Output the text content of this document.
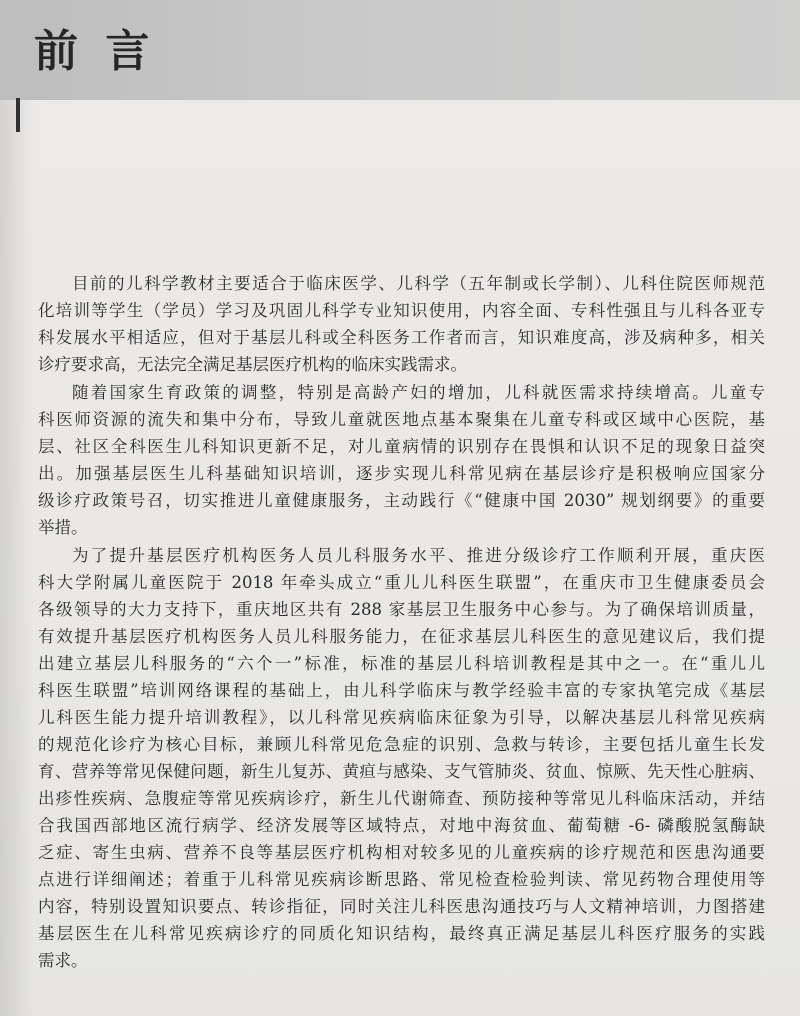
前 言
目前的儿科学教材主要适合于临床医学、儿科学（五年制或长学制）、儿科住院医师规范
化培训等学生（学员）学习及巩固儿科学专业知识使用，内容全面、专科性强且与儿科各亚专
科发展水平相适应，但对于基层儿科或全科医务工作者而言，知识难度高，涉及病种多，相关
诊疗要求高，无法完全满足基层医疗机构的临床实践需求。
随着国家生育政策的调整，特别是高龄产妇的增加，儿科就医需求持续增高。儿童专
科医师资源的流失和集中分布，导致儿童就医地点基本聚集在儿童专科或区域中心医院，基
层、社区全科医生儿科知识更新不足，对儿童病情的识别存在畏惧和认识不足的现象日益突
出。加强基层医生儿科基础知识培训，逐步实现儿科常见病在基层诊疗是积极响应国家分
级诊疗政策号召，切实推进儿童健康服务，主动践行《“健康中国 2030” 规划纲要》的重要
举措。
为了提升基层医疗机构医务人员儿科服务水平、推进分级诊疗工作顺利开展，重庆医
科大学附属儿童医院于 2018 年牵头成立“重儿儿科医生联盟”，在重庆市卫生健康委员会
各级领导的大力支持下，重庆地区共有 288 家基层卫生服务中心参与。为了确保培训质量，
有效提升基层医疗机构医务人员儿科服务能力，在征求基层儿科医生的意见建议后，我们提
出建立基层儿科服务的“六个一”标准，标准的基层儿科培训教程是其中之一。在“重儿儿
科医生联盟”培训网络课程的基础上，由儿科学临床与教学经验丰富的专家执笔完成《基层
儿科医生能力提升培训教程》，以儿科常见疾病临床征象为引导，以解决基层儿科常见疾病
的规范化诊疗为核心目标，兼顾儿科常见危急症的识别、急救与转诊，主要包括儿童生长发
育、营养等常见保健问题，新生儿复苏、黄疸与感染、支气管肺炎、贫血、惊厥、先天性心脏病、
出疹性疾病、急腹症等常见疾病诊疗，新生儿代谢筛查、预防接种等常见儿科临床活动，并结
合我国西部地区流行病学、经济发展等区域特点，对地中海贫血、葡萄糖 -6- 磷酸脱氢酶缺
乏症、寄生虫病、营养不良等基层医疗机构相对较多见的儿童疾病的诊疗规范和医患沟通要
点进行详细阐述；着重于儿科常见疾病诊断思路、常见检查检验判读、常见药物合理使用等
内容，特别设置知识要点、转诊指征，同时关注儿科医患沟通技巧与人文精神培训，力图搭建
基层医生在儿科常见疾病诊疗的同质化知识结构，最终真正满足基层儿科医疗服务的实践
需求。
